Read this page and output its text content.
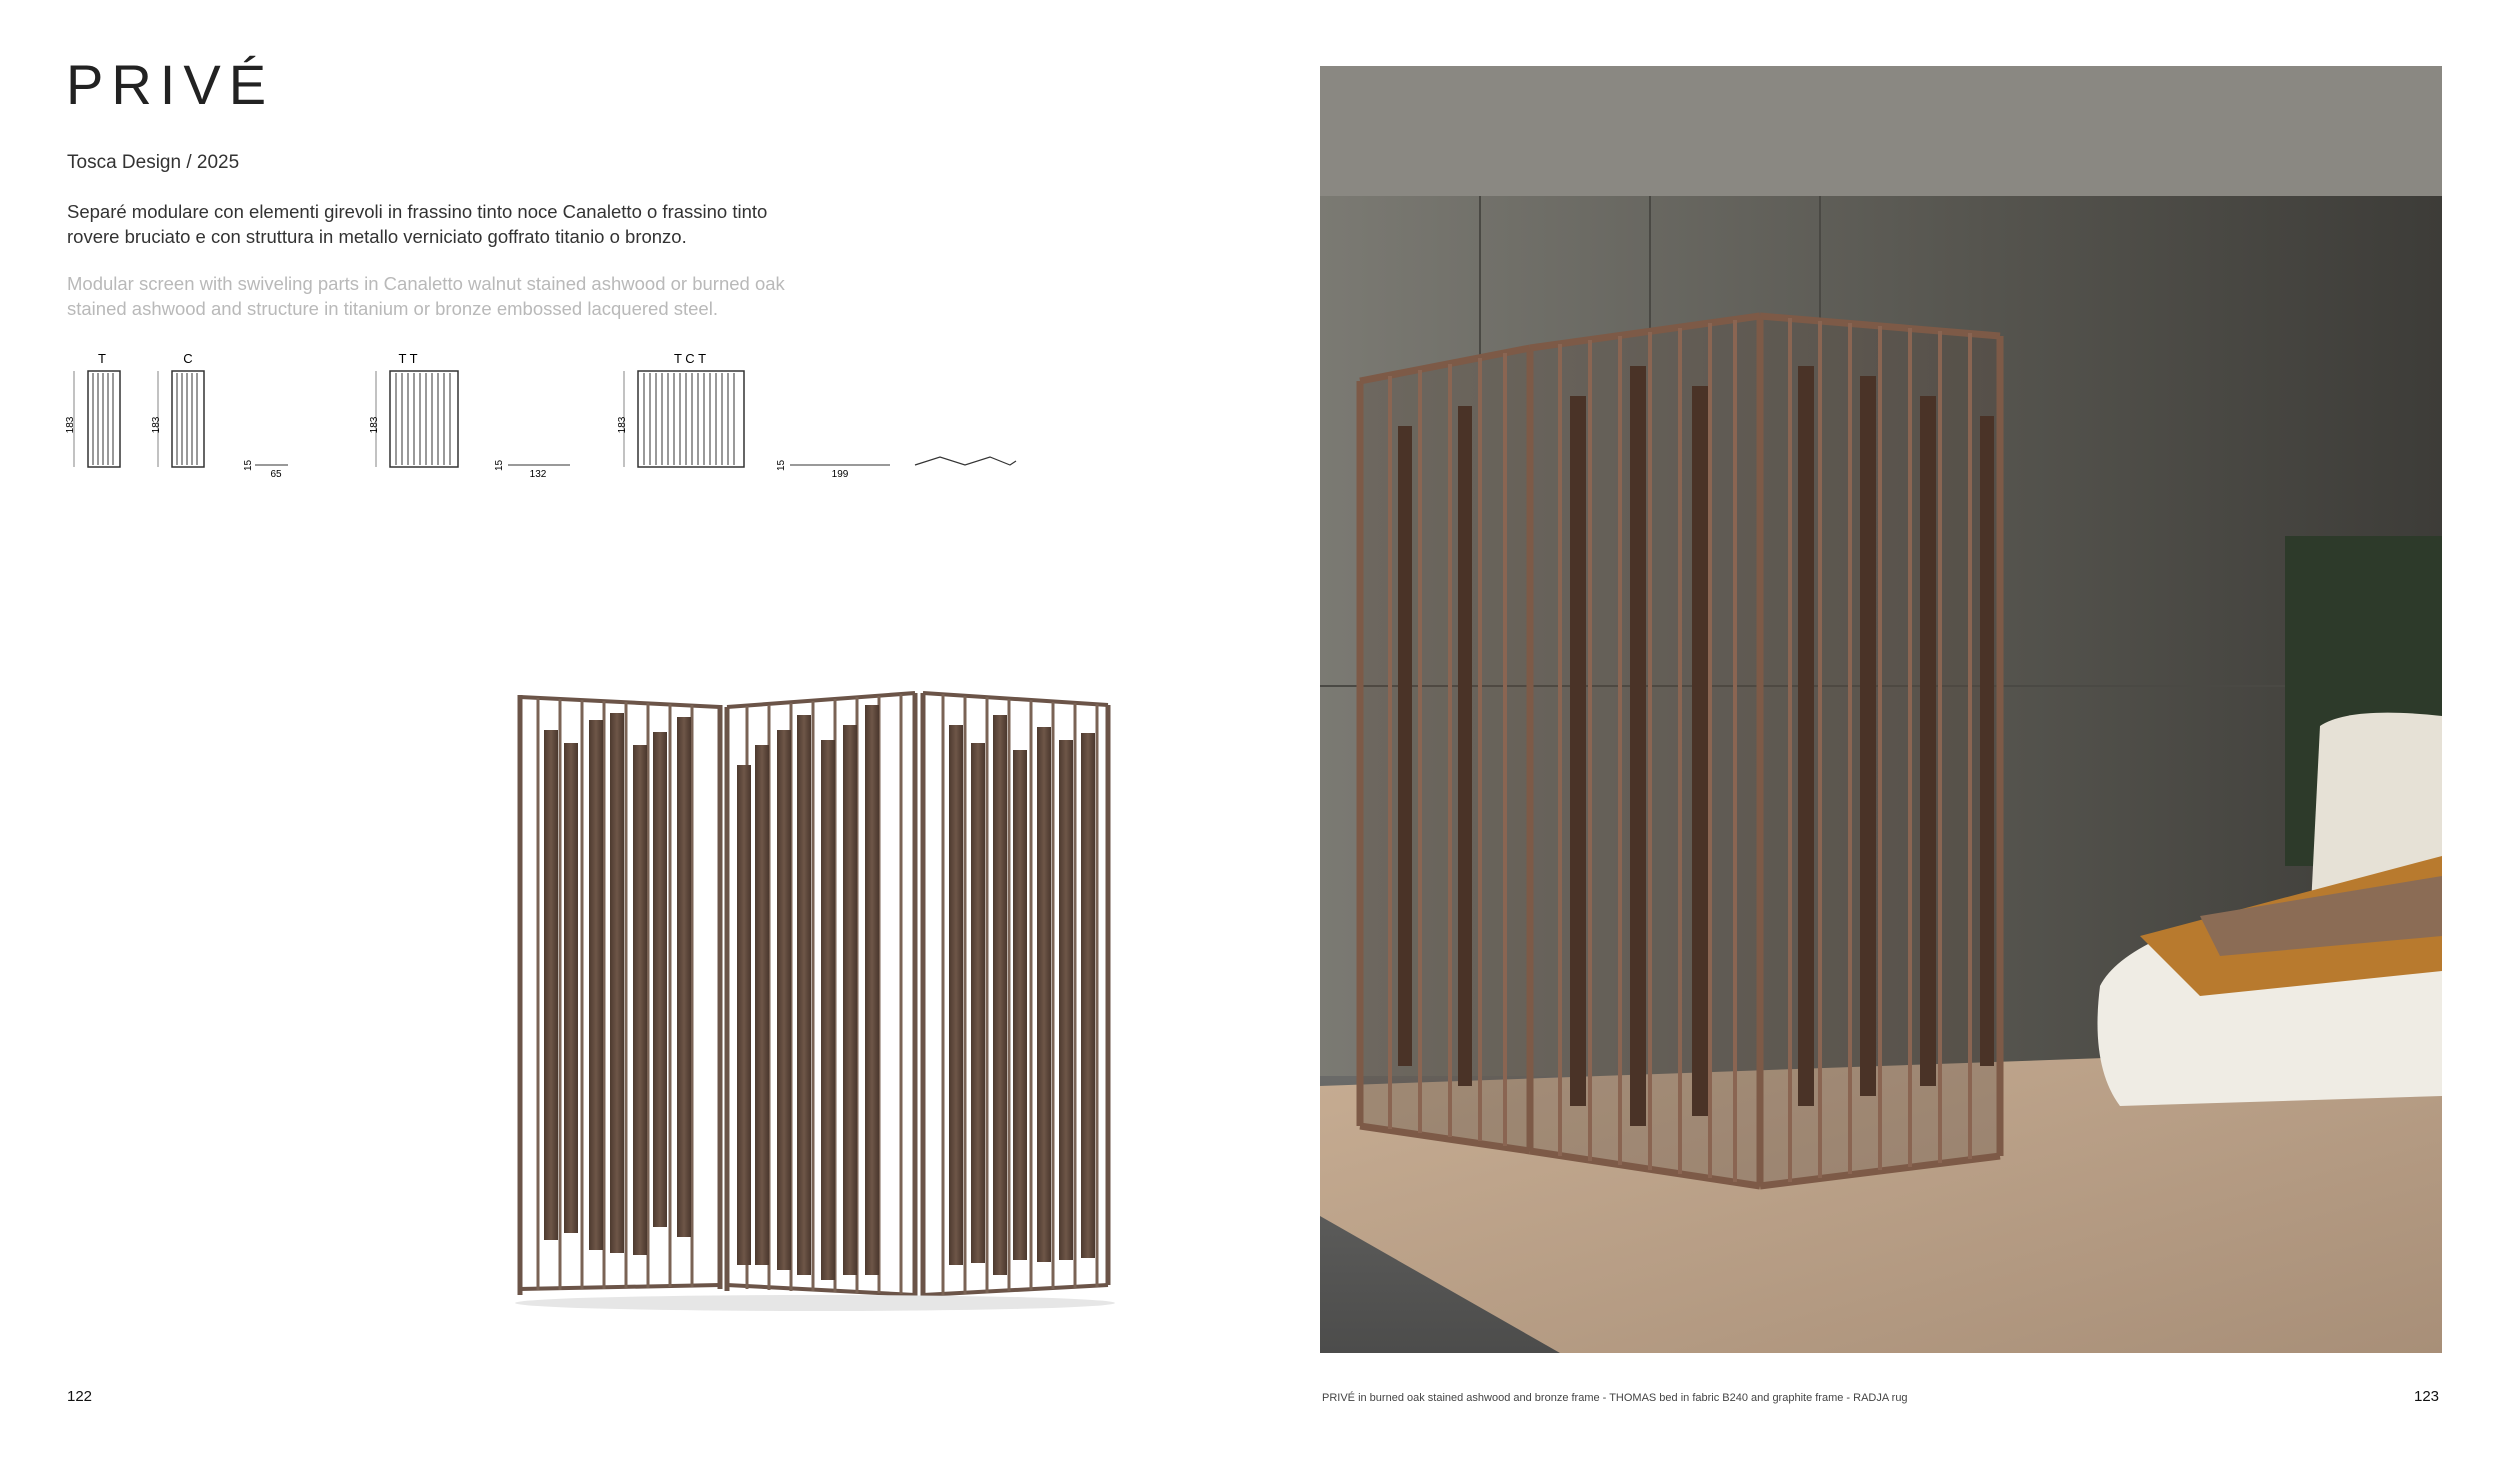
PRIVÉ
Tosca Design / 2025
Separé modulare con elementi girevoli in frassino tinto noce Canaletto o frassino tinto rovere bruciato e con struttura in metallo verniciato goffrato titanio o bronzo.
Modular screen with swiveling parts in Canaletto walnut stained ashwood or burned oak stained ashwood and structure in titanium or bronze embossed lacquered steel.
T
183
C
183
15
65
T T
183
15
132
T C T
183
15
199
122	PRIVÉ in burned oak stained ashwood and bronze frame - THOMAS bed in fabric B240 and graphite frame - RADJA rug	123
